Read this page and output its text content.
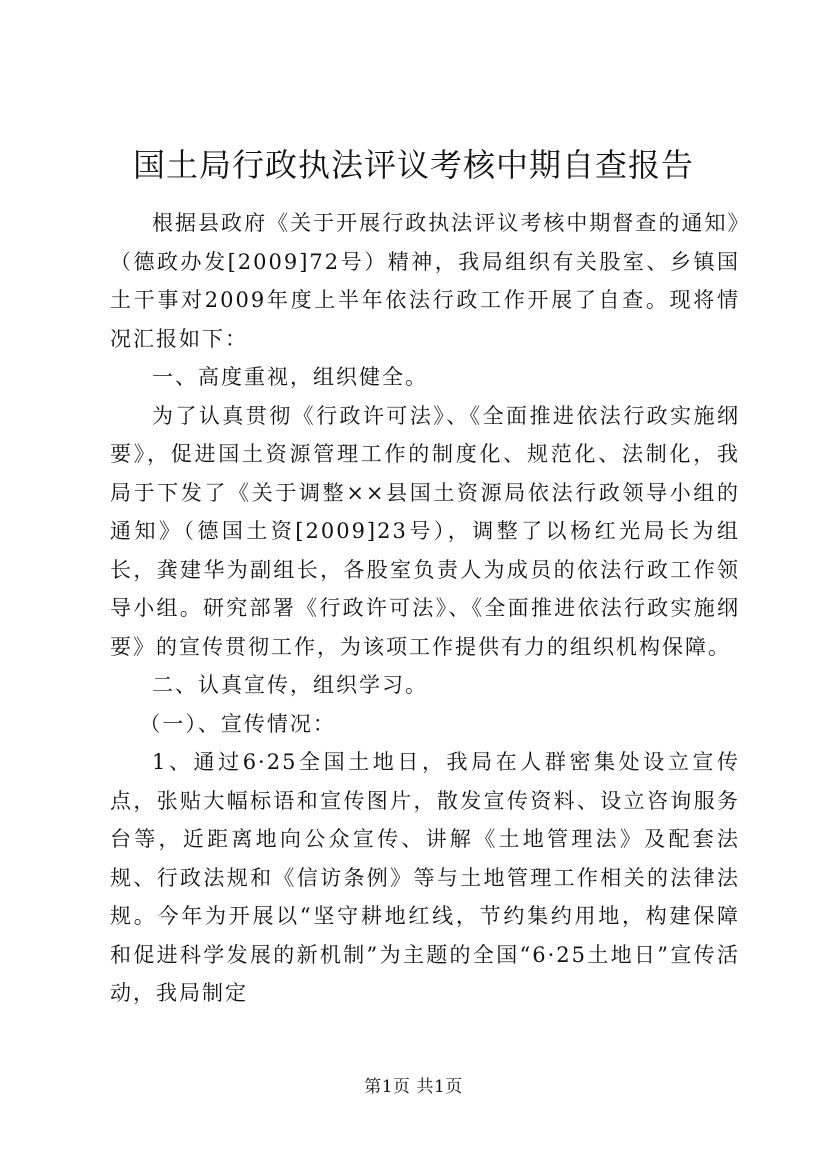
国土局行政执法评议考核中期自查报告

根据县政府《关于开展行政执法评议考核中期督查的通知》（德政办发[2009]72号）精神，我局组织有关股室、乡镇国土干事对2009年度上半年依法行政工作开展了自查。现将情况汇报如下：

一、高度重视，组织健全。

为了认真贯彻《行政许可法》、《全面推进依法行政实施纲要》，促进国土资源管理工作的制度化、规范化、法制化，我局于下发了《关于调整××县国土资源局依法行政领导小组的通知》（德国土资[2009]23号），调整了以杨红光局长为组长，龚建华为副组长，各股室负责人为成员的依法行政工作领导小组。研究部署《行政许可法》、《全面推进依法行政实施纲要》的宣传贯彻工作，为该项工作提供有力的组织机构保障。

二、认真宣传，组织学习。

（一）、宣传情况：

1、通过6·25全国土地日，我局在人群密集处设立宣传点，张贴大幅标语和宣传图片，散发宣传资料、设立咨询服务台等，近距离地向公众宣传、讲解《土地管理法》及配套法规、行政法规和《信访条例》等与土地管理工作相关的法律法规。今年为开展以“坚守耕地红线，节约集约用地，构建保障和促进科学发展的新机制”为主题的全国“6·25土地日”宣传活动，我局制定

第1页 共1页
